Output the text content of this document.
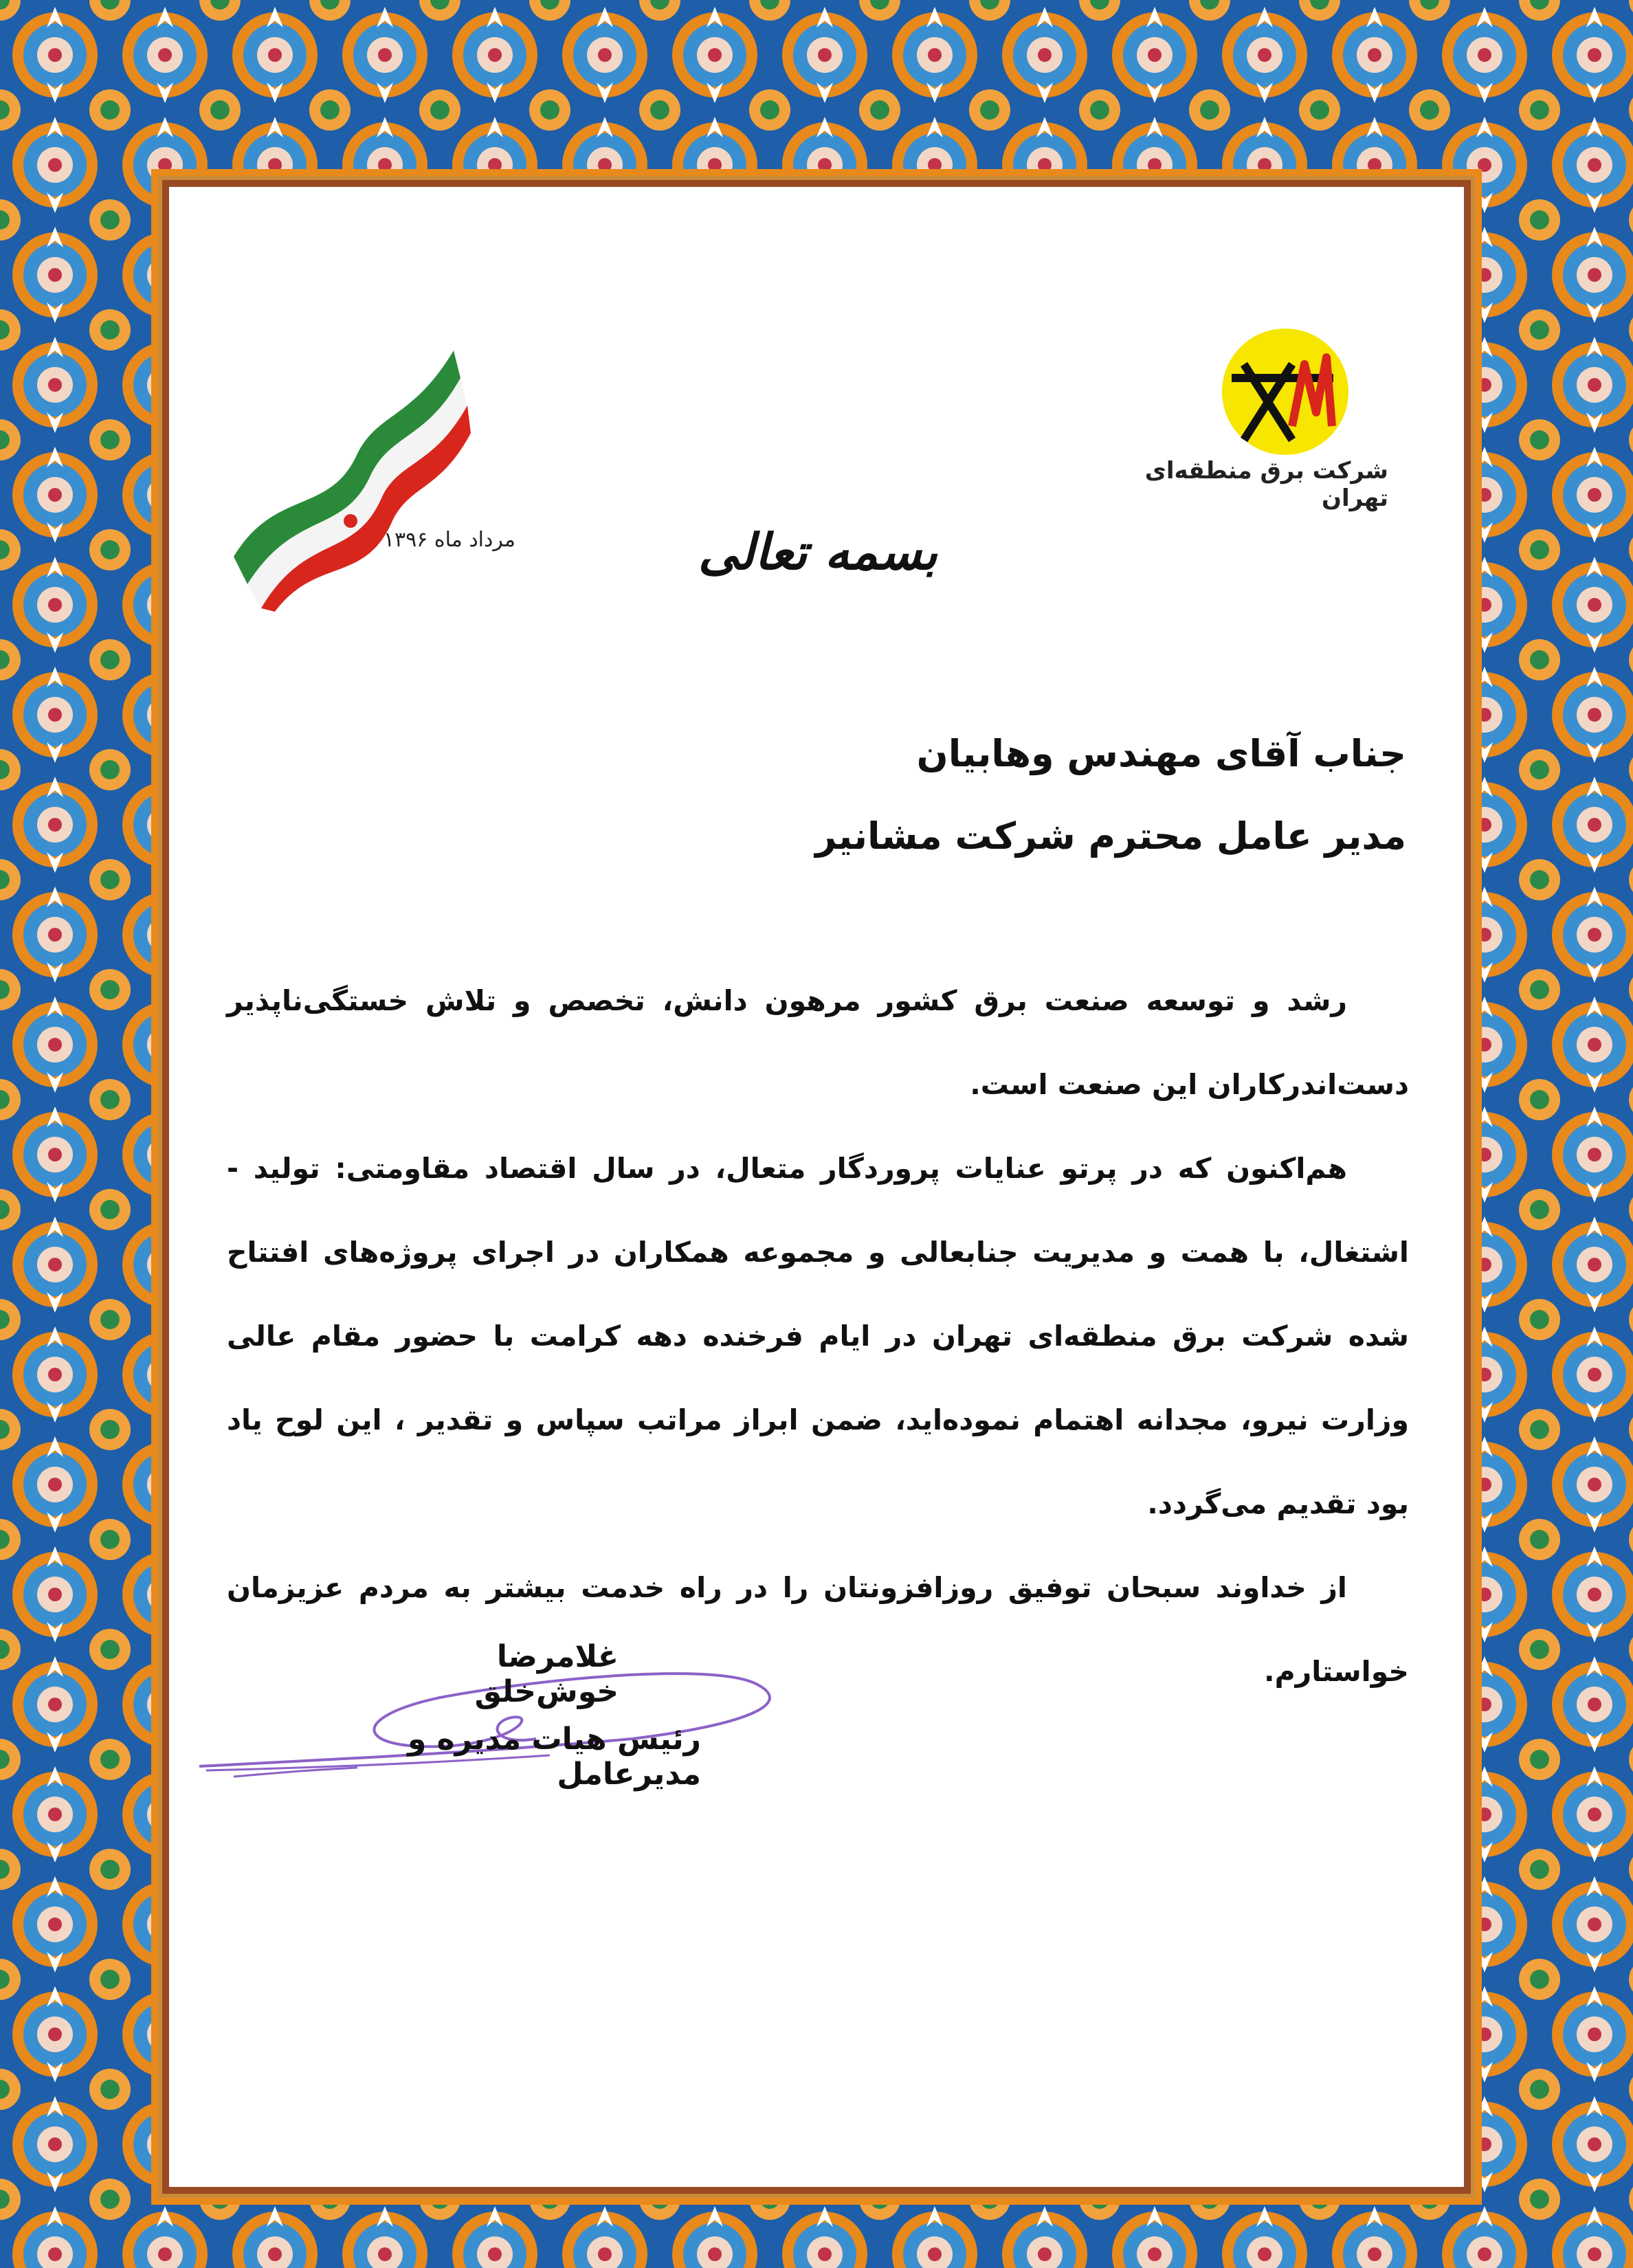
شرکت برق منطقه‌ای تهران
مرداد ماه ۱۳۹۶	بسمه تعالی
جناب آقای مهندس وهابیان
مدیر عامل محترم شرکت مشانیر

رشد و توسعه صنعت برق کشور مرهون دانش، تخصص و تلاش خستگی‌ناپذیر دست‌اندرکاران این صنعت است.

هم‌اکنون که در پرتو عنایات پروردگار متعال، در سال اقتصاد مقاومتی: تولید - اشتغال، با همت و مدیریت جنابعالی و مجموعه همکاران در اجرای پروژه‌های افتتاح شده شرکت برق منطقه‌ای تهران در ایام فرخنده دهه کرامت با حضور مقام عالی وزارت نیرو، مجدانه اهتمام نموده‌اید، ضمن ابراز مراتب سپاس و تقدیر ، این لوح یاد بود تقدیم می‌گردد.

از خداوند سبحان توفیق روزافزونتان را در راه خدمت بیشتر به مردم عزیزمان خواستارم.

غلامرضا خوش‌خلق
رئیس هیات مدیره و مدیرعامل
